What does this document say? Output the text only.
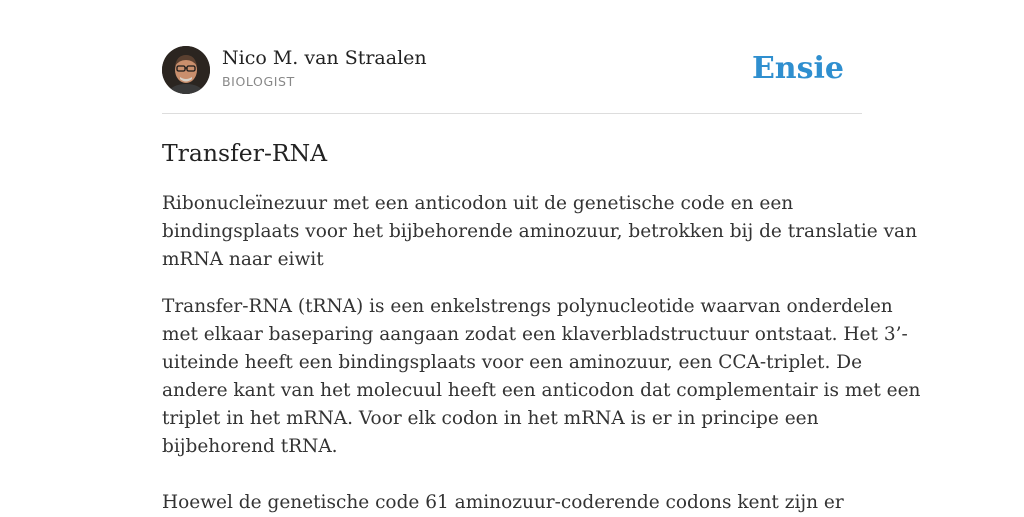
Nico M. van Straalen
BIOLOGIST	Ensie
Transfer-RNA

Ribonucleïnezuur met een anticodon uit de genetische code en een
bindingsplaats voor het bijbehorende aminozuur, betrokken bij de translatie van
mRNA naar eiwit

Transfer-RNA (tRNA) is een enkelstrengs polynucleotide waarvan onderdelen
met elkaar baseparing aangaan zodat een klaverbladstructuur ontstaat. Het 3’-
uiteinde heeft een bindingsplaats voor een aminozuur, een CCA-triplet. De
andere kant van het molecuul heeft een anticodon dat complementair is met een
triplet in het mRNA. Voor elk codon in het mRNA is er in principe een
bijbehorend tRNA.

Hoewel de genetische code 61 aminozuur-coderende codons kent zijn er
